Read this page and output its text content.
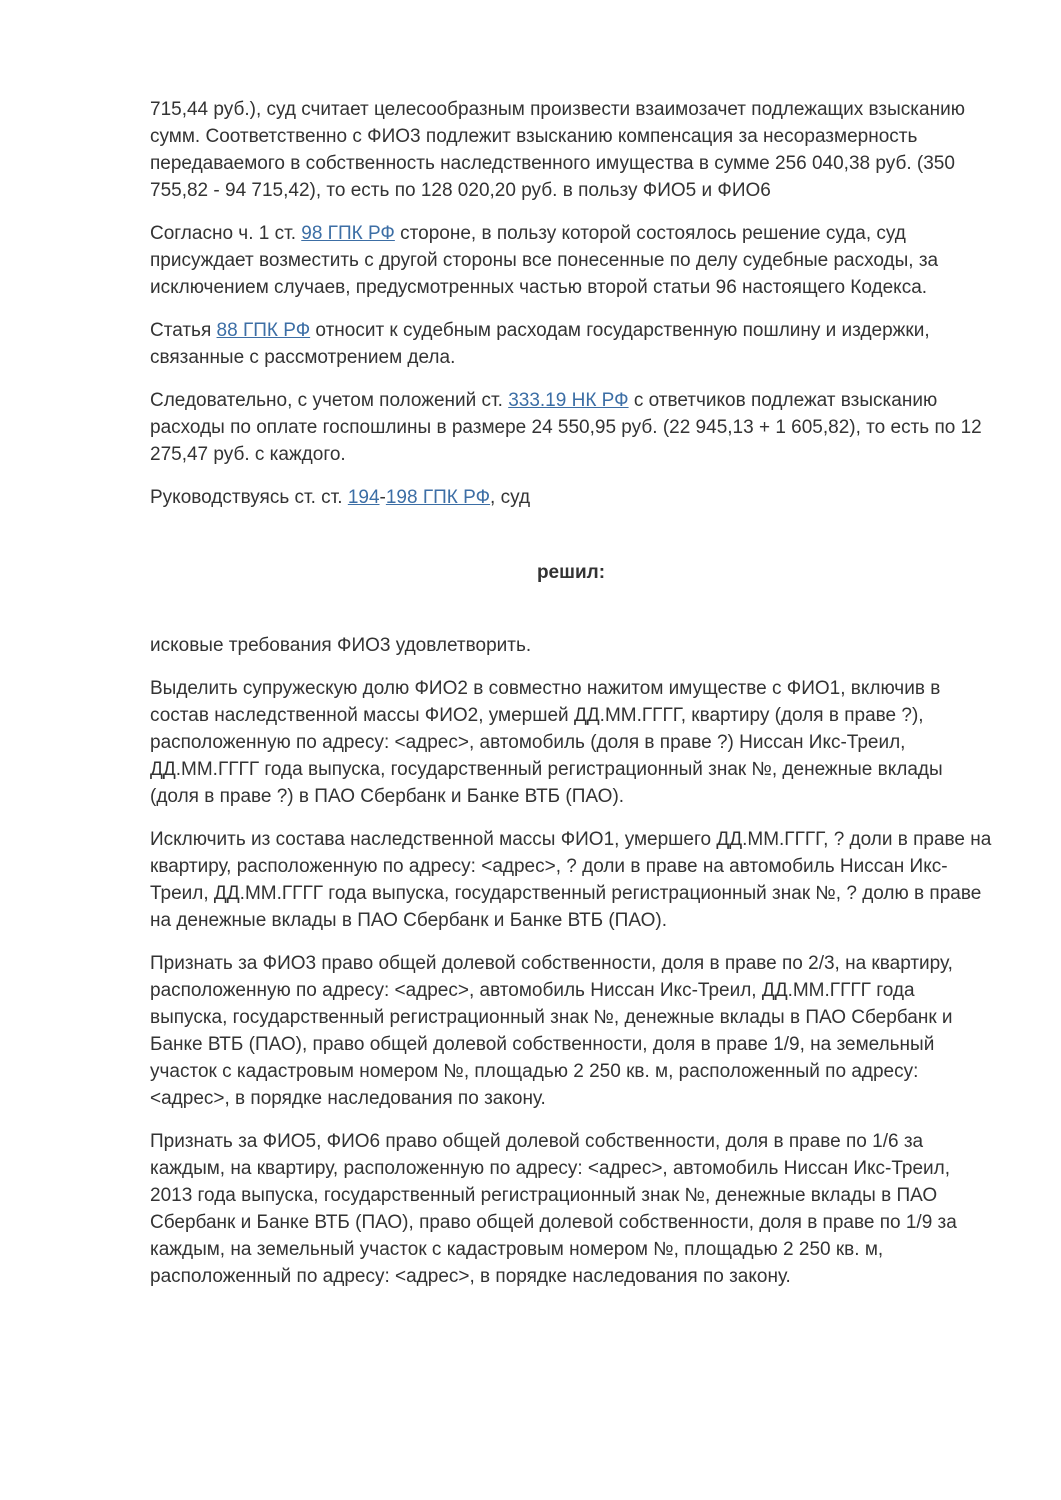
715,44 руб.), суд считает целесообразным произвести взаимозачет подлежащих взысканию сумм. Соответственно с ФИО3 подлежит взысканию компенсация за несоразмерность передаваемого в собственность наследственного имущества в сумме 256 040,38 руб. (350 755,82 - 94 715,42), то есть по 128 020,20 руб. в пользу ФИО5 и ФИО6

Согласно ч. 1 ст. 98 ГПК РФ стороне, в пользу которой состоялось решение суда, суд присуждает возместить с другой стороны все понесенные по делу судебные расходы, за исключением случаев, предусмотренных частью второй статьи 96 настоящего Кодекса.

Статья 88 ГПК РФ относит к судебным расходам государственную пошлину и издержки, связанные с рассмотрением дела.

Следовательно, с учетом положений ст. 333.19 НК РФ с ответчиков подлежат взысканию расходы по оплате госпошлины в размере 24 550,95 руб. (22 945,13 + 1 605,82), то есть по 12 275,47 руб. с каждого.

Руководствуясь ст. ст. 194-198 ГПК РФ, суд

решил:

исковые требования ФИО3 удовлетворить.

Выделить супружескую долю ФИО2 в совместно нажитом имуществе с ФИО1, включив в состав наследственной массы ФИО2, умершей ДД.ММ.ГГГГ, квартиру (доля в праве ?), расположенную по адресу: <адрес>, автомобиль (доля в праве ?) Ниссан Икс-Треил, ДД.ММ.ГГГГ года выпуска, государственный регистрационный знак №, денежные вклады (доля в праве ?) в ПАО Сбербанк и Банке ВТБ (ПАО).

Исключить из состава наследственной массы ФИО1, умершего ДД.ММ.ГГГГ, ? доли в праве на квартиру, расположенную по адресу: <адрес>, ? доли в праве на автомобиль Ниссан Икс-Треил, ДД.ММ.ГГГГ года выпуска, государственный регистрационный знак №, ? долю в праве на денежные вклады в ПАО Сбербанк и Банке ВТБ (ПАО).

Признать за ФИО3 право общей долевой собственности, доля в праве по 2/3, на квартиру, расположенную по адресу: <адрес>, автомобиль Ниссан Икс-Треил, ДД.ММ.ГГГГ года выпуска, государственный регистрационный знак №, денежные вклады в ПАО Сбербанк и Банке ВТБ (ПАО), право общей долевой собственности, доля в праве 1/9, на земельный участок с кадастровым номером №, площадью 2 250 кв. м, расположенный по адресу: <адрес>, в порядке наследования по закону.

Признать за ФИО5, ФИО6 право общей долевой собственности, доля в праве по 1/6 за каждым, на квартиру, расположенную по адресу: <адрес>, автомобиль Ниссан Икс-Треил, 2013 года выпуска, государственный регистрационный знак №, денежные вклады в ПАО Сбербанк и Банке ВТБ (ПАО), право общей долевой собственности, доля в праве по 1/9 за каждым, на земельный участок с кадастровым номером №, площадью 2 250 кв. м, расположенный по адресу: <адрес>, в порядке наследования по закону.
